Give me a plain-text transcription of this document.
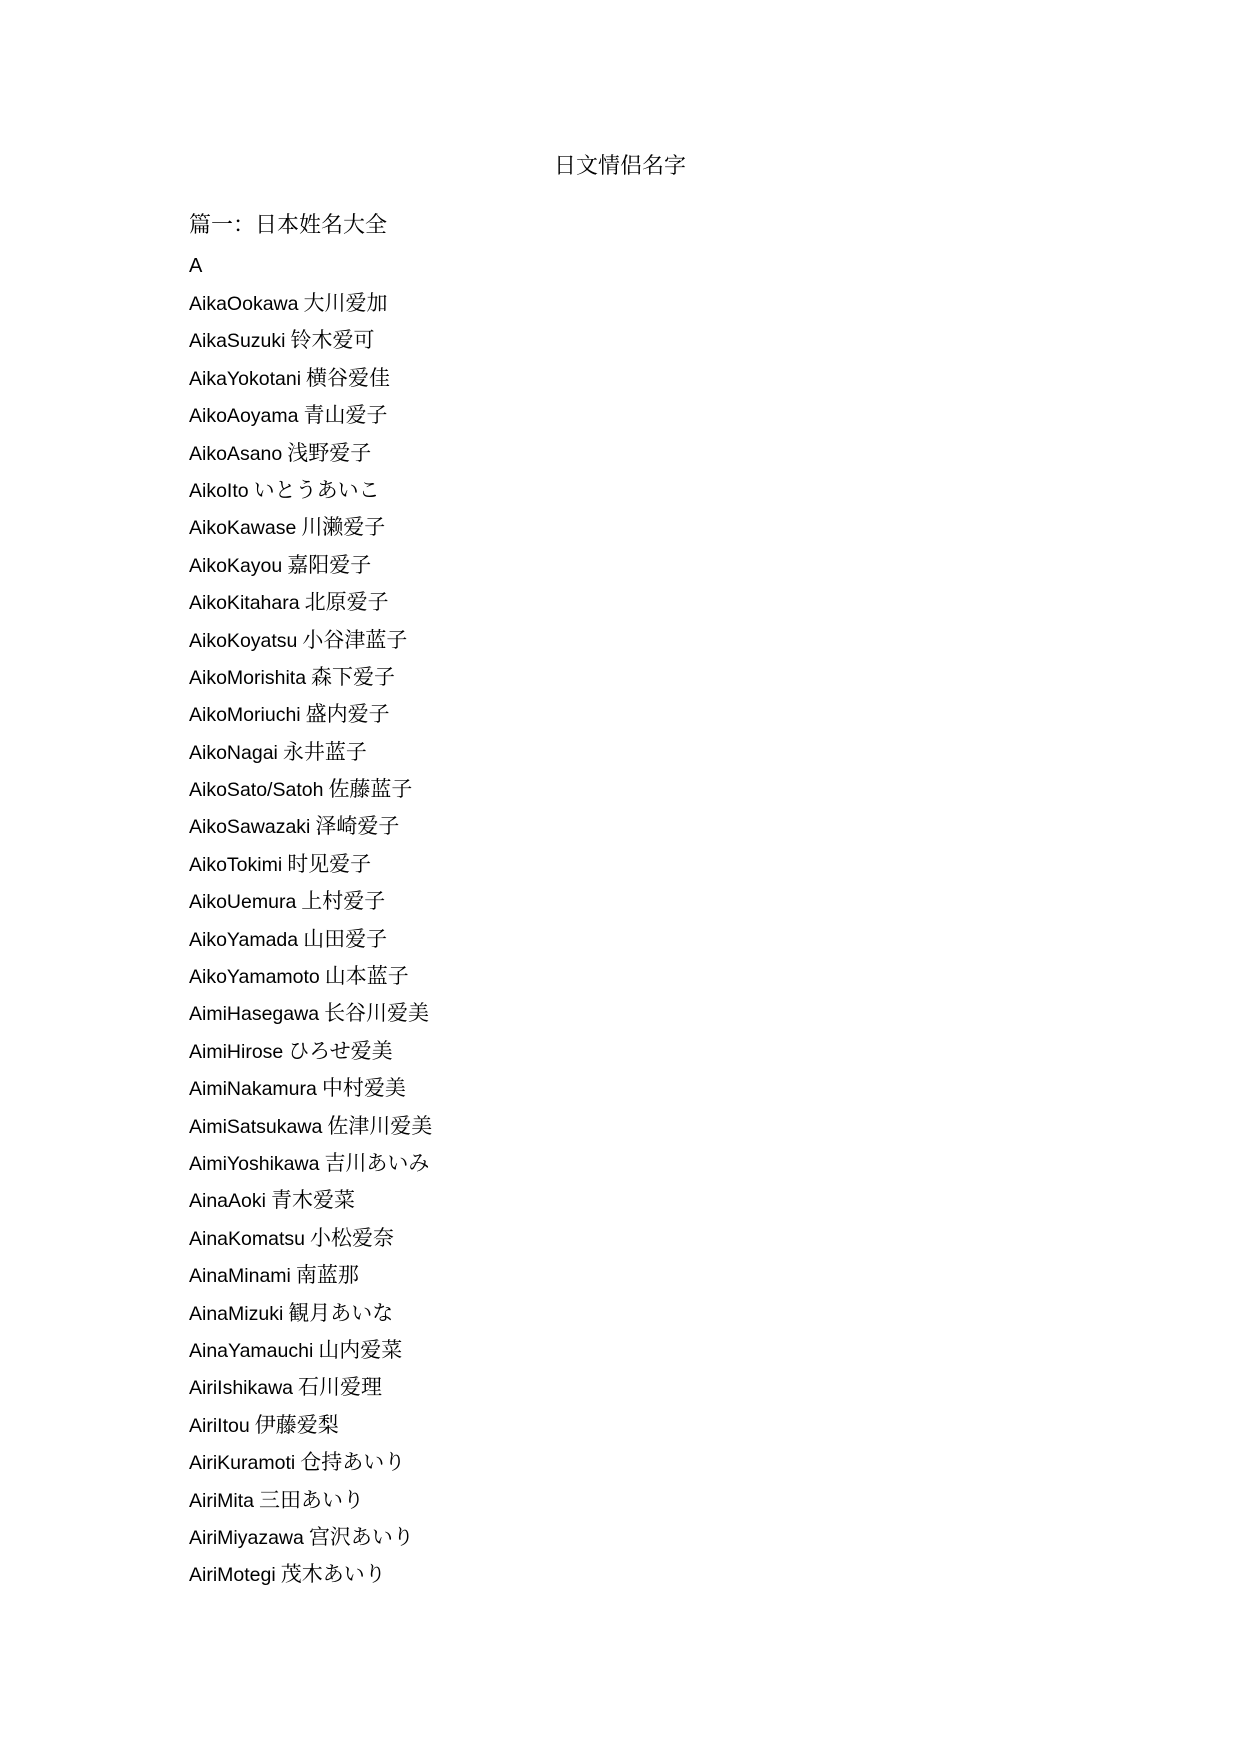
日文情侣名字
篇一：日本姓名大全
A
AikaOokawa 大川爱加
AikaSuzuki 铃木爱可
AikaYokotani 横谷爱佳
AikoAoyama 青山爱子
AikoAsano 浅野爱子
AikoIto いとうあいこ
AikoKawase 川濑爱子
AikoKayou 嘉阳爱子
AikoKitahara 北原爱子
AikoKoyatsu 小谷津蓝子
AikoMorishita 森下爱子
AikoMoriuchi 盛内爱子
AikoNagai 永井蓝子
AikoSato/Satoh 佐藤蓝子
AikoSawazaki 泽崎爱子
AikoTokimi 时见爱子
AikoUemura 上村爱子
AikoYamada 山田爱子
AikoYamamoto 山本蓝子
AimiHasegawa 长谷川爱美
AimiHirose ひろせ爱美
AimiNakamura 中村爱美
AimiSatsukawa 佐津川爱美
AimiYoshikawa 吉川あいみ
AinaAoki 青木爱菜
AinaKomatsu 小松爱奈
AinaMinami 南蓝那
AinaMizuki 観月あいな
AinaYamauchi 山内爱菜
AiriIshikawa 石川爱理
AiriItou 伊藤爱梨
AiriKuramoti 仓持あいり
AiriMita 三田あいり
AiriMiyazawa 宫沢あいり
AiriMotegi 茂木あいり
